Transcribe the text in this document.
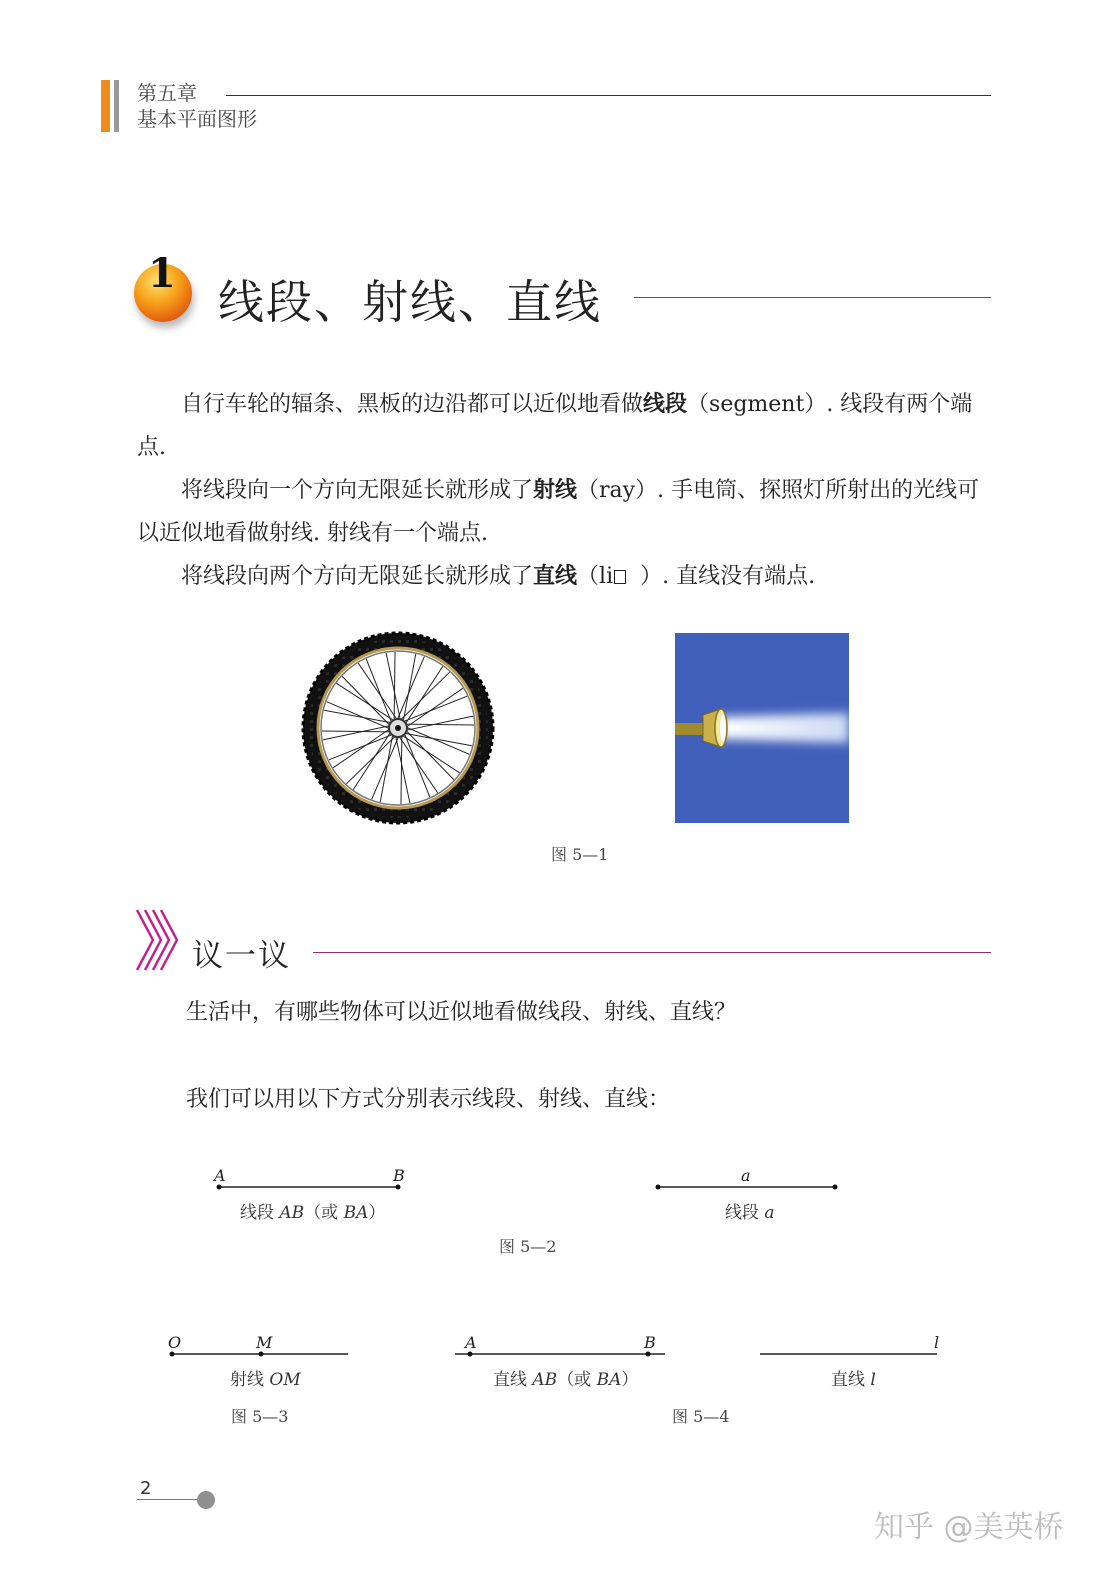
第五章
基本平面图形
1
线段、射线、直线

自行车轮的辐条、黑板的边沿都可以近似地看做线段（segment）. 线段有两个端点.

将线段向一个方向无限延长就形成了射线（ray）. 手电筒、探照灯所射出的光线可以近似地看做射线. 射线有一个端点.

将线段向两个方向无限延长就形成了直线（li ）. 直线没有端点.

图 5—1
议一议
生活中，有哪些物体可以近似地看做线段、射线、直线？
我们可以用以下方式分别表示线段、射线、直线：
A	B
线段 AB（或 BA）
a
线段 a
图 5—2
O	M
射线 OM
图 5—3
A	B
直线 AB（或 BA）
l
直线 l
图 5—4
2
知乎 @美英桥
